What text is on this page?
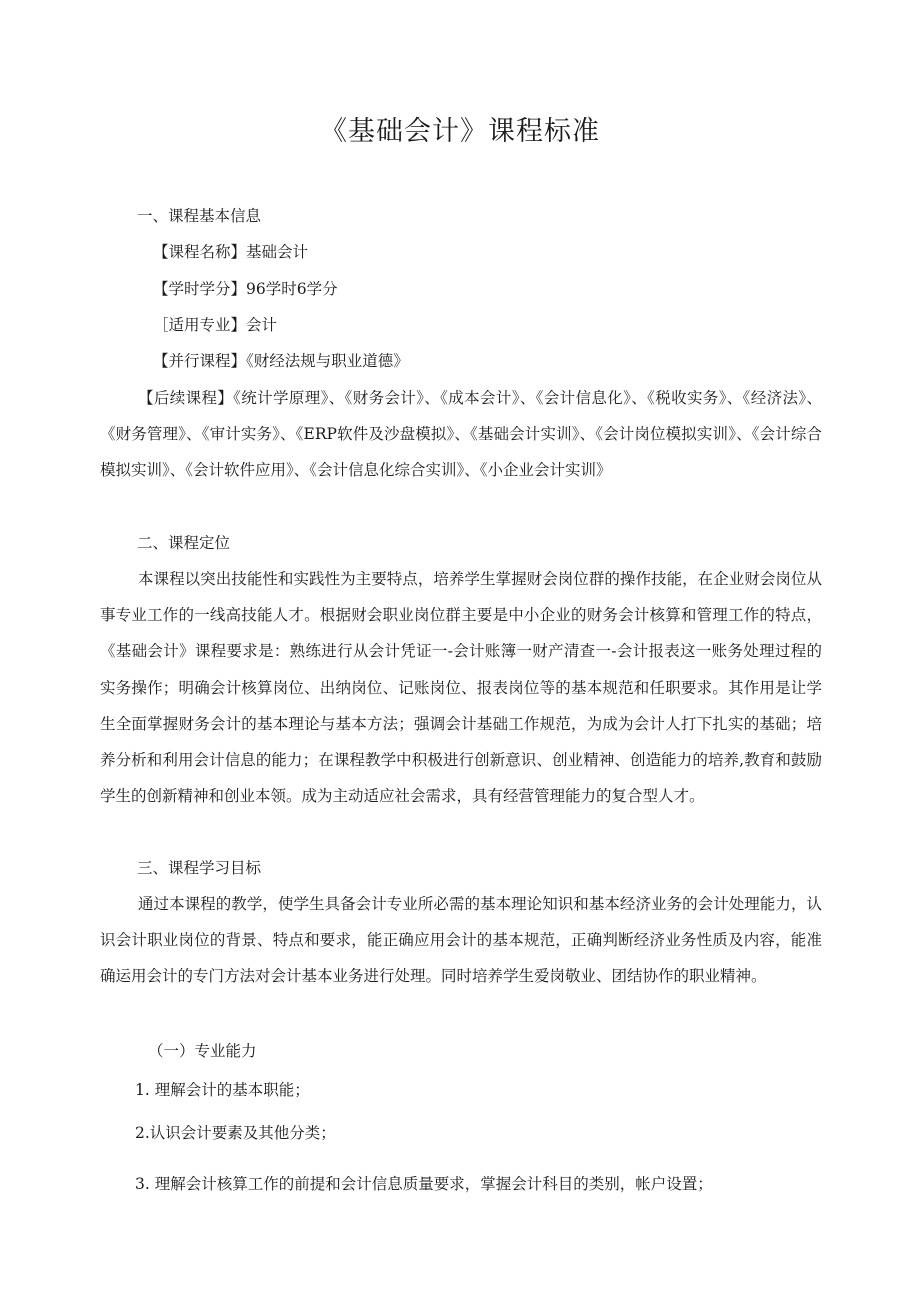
《基础会计》课程标准
一、课程基本信息
【课程名称】基础会计
【学时学分】96学时6学分
［适用专业】会计
【并行课程】《财经法规与职业道德》
【后续课程】《统计学原理》、《财务会计》、《成本会计》、《会计信息化》、《税收实务》、《经济法》、《财务管理》、《审计实务》、《ERP软件及沙盘模拟》、《基础会计实训》、《会计岗位模拟实训》、《会计综合模拟实训》、《会计软件应用》、《会计信息化综合实训》、《小企业会计实训》
二、课程定位
本课程以突出技能性和实践性为主要特点，培养学生掌握财会岗位群的操作技能，在企业财会岗位从事专业工作的一线高技能人才。根据财会职业岗位群主要是中小企业的财务会计核算和管理工作的特点，《基础会计》课程要求是：熟练进行从会计凭证一-会计账簿一财产清查一-会计报表这一账务处理过程的实务操作；明确会计核算岗位、出纳岗位、记账岗位、报表岗位等的基本规范和任职要求。其作用是让学生全面掌握财务会计的基本理论与基本方法；强调会计基础工作规范，为成为会计人打下扎实的基础；培养分析和利用会计信息的能力；在课程教学中积极进行创新意识、创业精神、创造能力的培养,教育和鼓励学生的创新精神和创业本领。成为主动适应社会需求，具有经营管理能力的复合型人才。
三、课程学习目标
通过本课程的教学，使学生具备会计专业所必需的基本理论知识和基本经济业务的会计处理能力，认识会计职业岗位的背景、特点和要求，能正确应用会计的基本规范，正确判断经济业务性质及内容，能准确运用会计的专门方法对会计基本业务进行处理。同时培养学生爱岗敬业、团结协作的职业精神。
（一）专业能力
1. 理解会计的基本职能；
2.认识会计要素及其他分类；
3. 理解会计核算工作的前提和会计信息质量要求，掌握会计科目的类别，帐户设置；
